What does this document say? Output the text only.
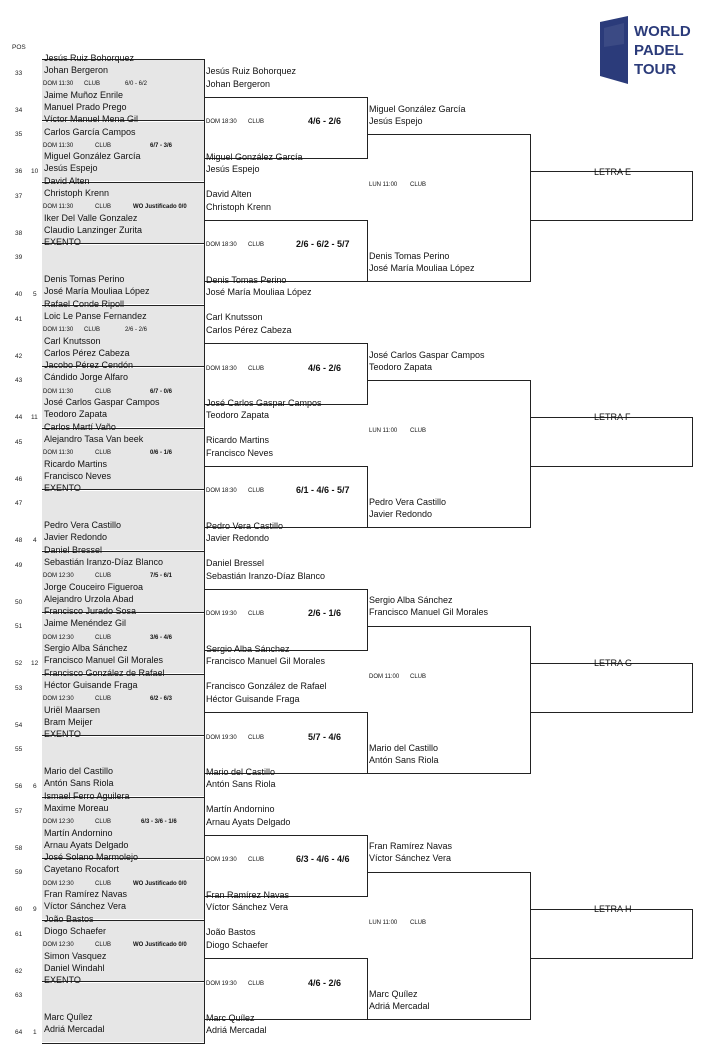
POS
WORLD
PADEL
TOUR
33
34
35
36 10
37
38
39
40 5
41
42
43
44 11
45
46
47
48 4
49
50
51
52 12
53
54
55
56 6
57
58
59
60 9
61
62
63
64 1
Jesús Ruiz Bohorquez
Johan Bergeron
Jaime Muñoz Enrile
Manuel Prado Prego
Víctor Manuel Mena Gil
Carlos García Campos
Miguel González García
Jesús Espejo
David Alten
Christoph Krenn
Iker Del Valle Gonzalez
Claudio Lanzinger Zurita
EXENTO
Denis Tomas Perino
José María Mouliaa López
Rafael Conde Ripoll
Loic Le Panse Fernandez
Carl Knutsson
Carlos Pérez Cabeza
Jacobo Pérez Cendón
Cándido Jorge Alfaro
José Carlos Gaspar Campos
Teodoro Zapata
Carlos Martí Vaño
Alejandro Tasa Van beek
Ricardo Martins
Francisco Neves
EXENTO
Pedro Vera Castillo
Javier Redondo
Daniel Bressel
Sebastián Iranzo-Díaz Blanco
Jorge Couceiro Figueroa
Alejandro Urzola Abad
Francisco Jurado Sosa
Jaime Menéndez Gil
Sergio Alba Sánchez
Francisco Manuel Gil Morales
Francisco González de Rafael
Héctor Guisande Fraga
Uriël Maarsen
Bram Meijer
EXENTO
Mario del Castillo
Antón Sans Riola
Ismael Ferro Aguilera
Maxime Moreau
Martín Andornino
Arnau Ayats Delgado
José Solano Marmolejo
Cayetano Rocafort
Fran Ramírez Navas
Víctor Sánchez Vera
João Bastos
Diogo Schaefer
Simon Vasquez
Daniel Windahl
EXENTO
Marc Quílez
Adriá Mercadal
DOM 11:30 CLUB	6/0 - 6/2
DOM 11:30	CLUB	6/7 - 3/6
DOM 11:30	CLUB	WO Justificado 0/0
DOM 11:30 CLUB	2/6 - 2/6
DOM 11:30	CLUB	6/7 - 0/6
DOM 11:30	CLUB	0/6 - 1/6
DOM 12:30	CLUB	7/5 - 6/1
DOM 12:30	CLUB	3/6 - 4/6
DOM 12:30	CLUB	6/2 - 6/3
DOM 12:30	CLUB	6/3 - 3/6 - 1/6
DOM 12:30	CLUB	WO Justificado 0/0
DOM 12:30	CLUB	WO Justificado 0/0
Jesús Ruiz Bohorquez
Johan Bergeron
Miguel González García
Jesús Espejo
David Alten
Christoph Krenn
Denis Tomas Perino
José María Mouliaa López
Carl Knutsson
Carlos Pérez Cabeza
José Carlos Gaspar Campos
Teodoro Zapata
Ricardo Martins
Francisco Neves
Pedro Vera Castillo
Javier Redondo
Daniel Bressel
Sebastián Iranzo-Díaz Blanco
Sergio Alba Sánchez
Francisco Manuel Gil Morales
Francisco González de Rafael
Héctor Guisande Fraga
Mario del Castillo
Antón Sans Riola
Martín Andornino
Arnau Ayats Delgado
Fran Ramírez Navas
Víctor Sánchez Vera
João Bastos
Diogo Schaefer
Marc Quílez
Adriá Mercadal
DOM 18:30 CLUB	4/6 - 2/6
DOM 18:30 CLUB	2/6 - 6/2 - 5/7
DOM 18:30 CLUB	4/6 - 2/6
DOM 18:30 CLUB	6/1 - 4/6 - 5/7
DOM 19:30 CLUB	2/6 - 1/6
DOM 19:30 CLUB	5/7 - 4/6
DOM 19:30 CLUB	6/3 - 4/6 - 4/6
DOM 19:30 CLUB	4/6 - 2/6
Miguel González García
Jesús Espejo
Denis Tomas Perino
José María Mouliaa López
José Carlos Gaspar Campos
Teodoro Zapata
Pedro Vera Castillo
Javier Redondo
Sergio Alba Sánchez
Francisco Manuel Gil Morales
Mario del Castillo
Antón Sans Riola
Fran Ramírez Navas
Víctor Sánchez Vera
Marc Quílez
Adriá Mercadal
LUN 11:00 CLUB
LUN 11:00 CLUB
DOM 11:00 CLUB
LUN 11:00 CLUB
LETRA E
LETRA F
LETRA G
LETRA H
